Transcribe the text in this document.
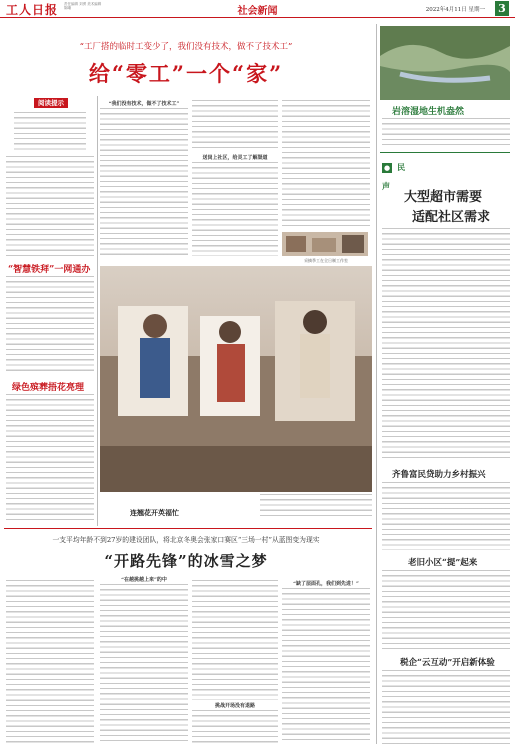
工人日报 责任编辑 刘勇 美术编辑 陈曦	社会新闻	2022年4月11日 星期一 3
“工厂搭的临时工变少了，我们没有技术，做不了技术工”
给“零工”一个“家”
阅读提示
“智慧铁拜”一网通办
绿色殡葬捂花亮理
“我们没有技术，做不了技术工”
送岗上社区，给灵工了解渠道
采摘季工在全日制工作室
连翘花开英福忙
岩溶湿地生机盎然
● 民声
大型超市需要
适配社区需求
齐鲁富民贷助力乡村振兴
老旧小区“提”起来
税企“云互动”开启新体验
一支平均年龄不到27岁的建设团队，将北京冬奥会张家口赛区“三场一村”从蓝图变为现实
“开路先锋”的冰雪之梦
“在越挑越上来”的中
挑战开场没有退路
“缺了层面孔，我们到先进！”
